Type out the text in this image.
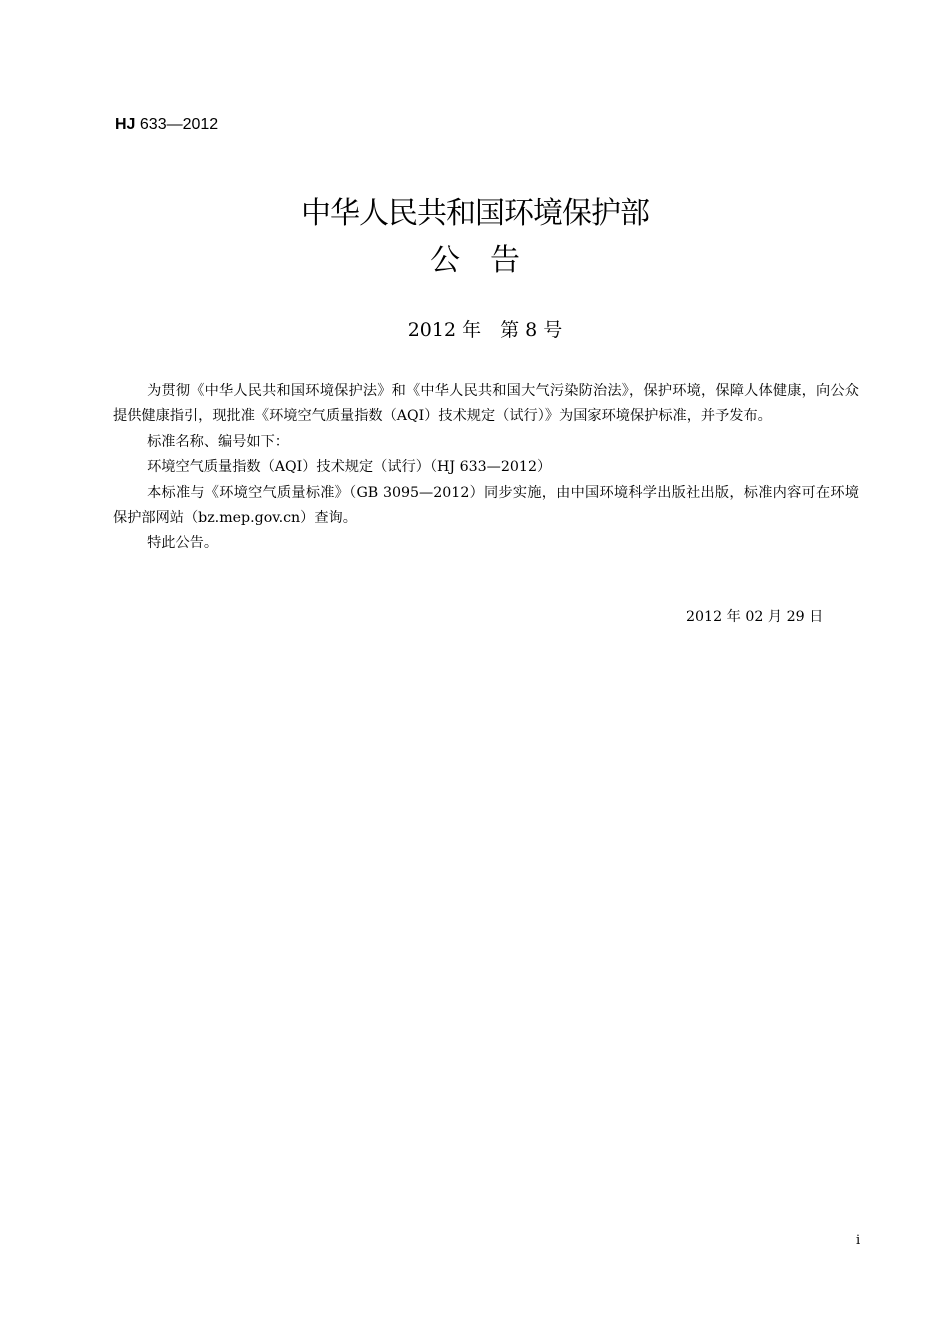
HJ 633—2012
中华人民共和国环境保护部
公　告
2012 年　第 8 号

为贯彻《中华人民共和国环境保护法》和《中华人民共和国大气污染防治法》，保护环境，保障人体健康，向公众提供健康指引，现批准《环境空气质量指数（AQI）技术规定（试行）》为国家环境保护标准，并予发布。

标准名称、编号如下：

环境空气质量指数（AQI）技术规定（试行）（HJ 633—2012）

本标准与《环境空气质量标准》（GB 3095—2012）同步实施，由中国环境科学出版社出版，标准内容可在环境保护部网站（bz.mep.gov.cn）查询。

特此公告。

2012 年 02 月 29 日
i
